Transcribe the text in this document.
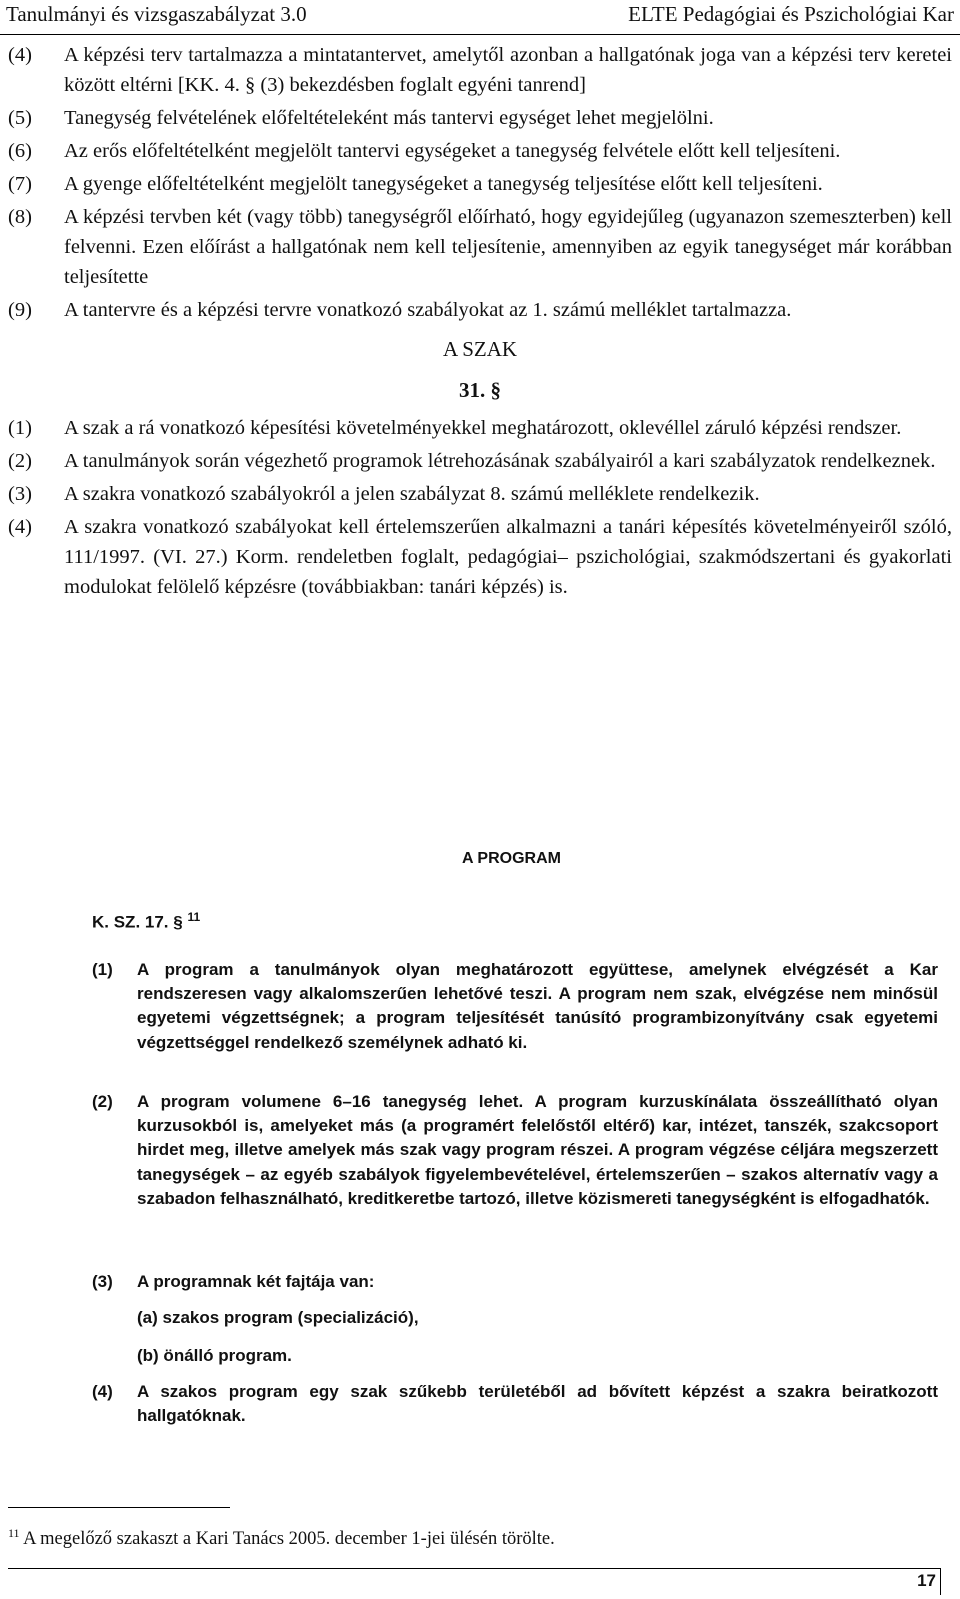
Tanulmányi és vizsgaszabályzat 3.0	ELTE Pedagógiai és Pszichológiai Kar
(4) A képzési terv tartalmazza a mintatantervet, amelytől azonban a hallgatónak joga van a képzési terv keretei között eltérni [KK. 4. § (3) bekezdésben foglalt egyéni tanrend]
(5) Tanegység felvételének előfeltételeként más tantervi egységet lehet megjelölni.
(6) Az erős előfeltételként megjelölt tantervi egységeket a tanegység felvétele előtt kell teljesíteni.
(7) A gyenge előfeltételként megjelölt tanegységeket a tanegység teljesítése előtt kell teljesíteni.
(8) A képzési tervben két (vagy több) tanegységről előírható, hogy egyidejűleg (ugyanazon szemeszterben) kell felvenni. Ezen előírást a hallgatónak nem kell teljesítenie, amennyiben az egyik tanegységet már korábban teljesítette
(9) A tantervre és a képzési tervre vonatkozó szabályokat az 1. számú melléklet tartalmazza.
A SZAK
31. §
(1) A szak a rá vonatkozó képesítési követelményekkel meghatározott, oklevéllel záruló képzési rendszer.
(2) A tanulmányok során végezhető programok létrehozásának szabályairól a kari szabályzatok rendelkeznek.
(3) A szakra vonatkozó szabályokról a jelen szabályzat 8. számú melléklete rendelkezik.
(4) A szakra vonatkozó szabályokat kell értelemszerűen alkalmazni a tanári képesítés követelményeiről szóló, 111/1997. (VI. 27.) Korm. rendeletben foglalt, pedagógiai– pszichológiai, szakmódszertani és gyakorlati modulokat felölelő képzésre (továbbiakban: tanári képzés) is.
A PROGRAM
K. SZ. 17. § $^{11}$
(1) A program a tanulmányok olyan meghatározott együttese, amelynek elvégzését a Kar rendszeresen vagy alkalomszerűen lehetővé teszi. A program nem szak, elvégzése nem minősül egyetemi végzettségnek; a program teljesítését tanúsító programbizonyítvány csak egyetemi végzettséggel rendelkező személynek adható ki.
(2) A program volumene 6–16 tanegység lehet. A program kurzuskínálata összeállítható olyan kurzusokból is, amelyeket más (a programért felelőstől eltérő) kar, intézet, tanszék, szakcsoport hirdet meg, illetve amelyek más szak vagy program részei. A program végzése céljára megszerzett tanegységek – az egyéb szabályok figyelembevételével, értelemszerűen – szakos alternatív vagy a szabadon felhasználható, kreditkeretbe tartozó, illetve közismereti tanegységként is elfogadhatók.
(3) A programnak két fajtája van:
(a) szakos program (specializáció),
(b) önálló program.
(4) A szakos program egy szak szűkebb területéből ad bővített képzést a szakra beiratkozott hallgatóknak.
$^{11}$ A megelőző szakaszt a Kari Tanács 2005. december 1-jei ülésén törölte.
17
